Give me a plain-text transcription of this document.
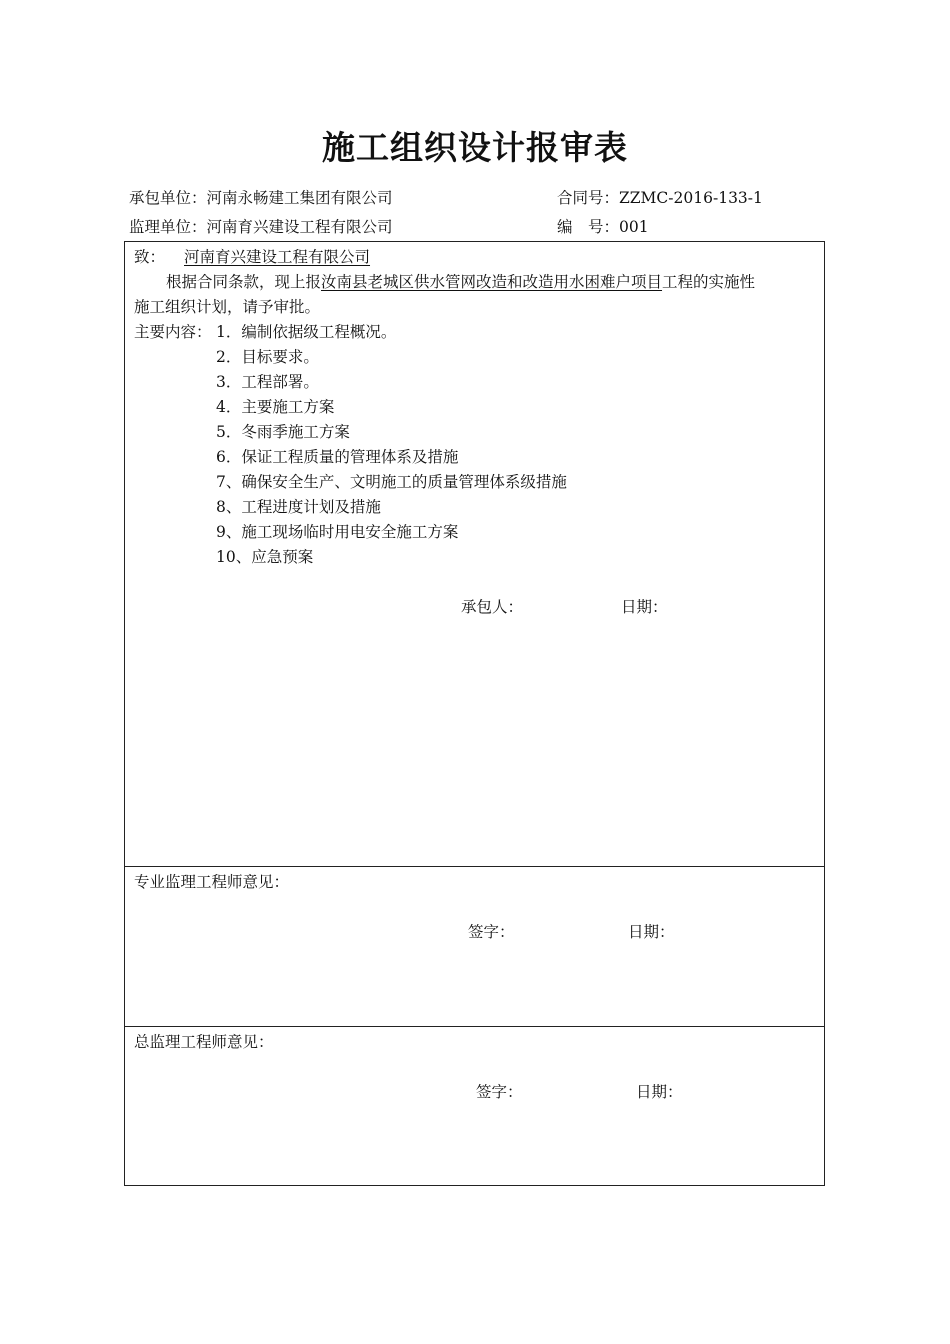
施工组织设计报审表
承包单位：河南永畅建工集团有限公司	合同号：ZZMC-2016-133-1
监理单位：河南育兴建设工程有限公司	编　号：001
致： 河南育兴建设工程有限公司
根据合同条款，现上报汝南县老城区供水管网改造和改造用水困难户项目工程的实施性
施工组织计划，请予审批。
主要内容： 1．编制依据级工程概况。
2．目标要求。
3．工程部署。
4．主要施工方案
5．冬雨季施工方案
6．保证工程质量的管理体系及措施
7、确保安全生产、文明施工的质量管理体系级措施
8、工程进度计划及措施
9、施工现场临时用电安全施工方案
10、应急预案
承包人：	日期：
专业监理工程师意见：
签字：	日期：
总监理工程师意见：
签字：	日期：
